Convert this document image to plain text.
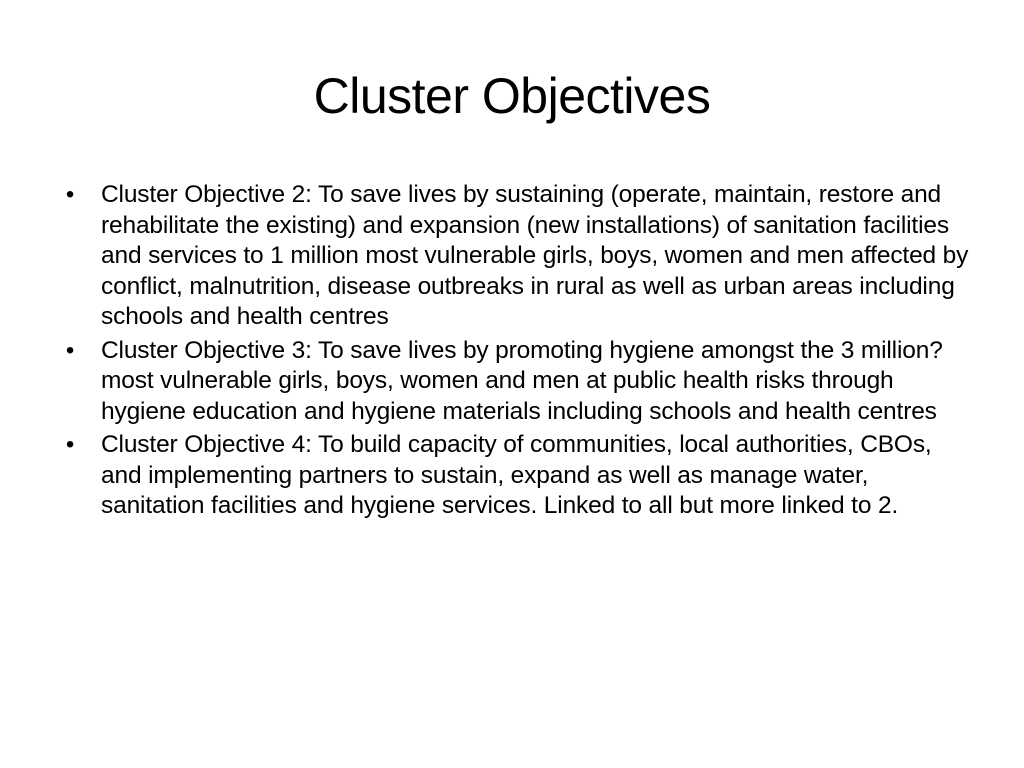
Cluster Objectives
• Cluster Objective 2: To save lives by sustaining (operate, maintain, restore and rehabilitate the existing) and expansion (new installations) of sanitation facilities and services to 1 million most vulnerable girls, boys, women and men affected by conflict, malnutrition, disease outbreaks in rural as well as urban areas including schools and health centres
• Cluster Objective 3: To save lives by promoting hygiene amongst the 3 million? most vulnerable girls, boys, women and men at public health risks through hygiene education and hygiene materials including schools and health centres
• Cluster Objective 4: To build capacity of communities, local authorities, CBOs, and implementing partners to sustain, expand as well as manage water, sanitation facilities and hygiene services. Linked to all but more linked to 2.
